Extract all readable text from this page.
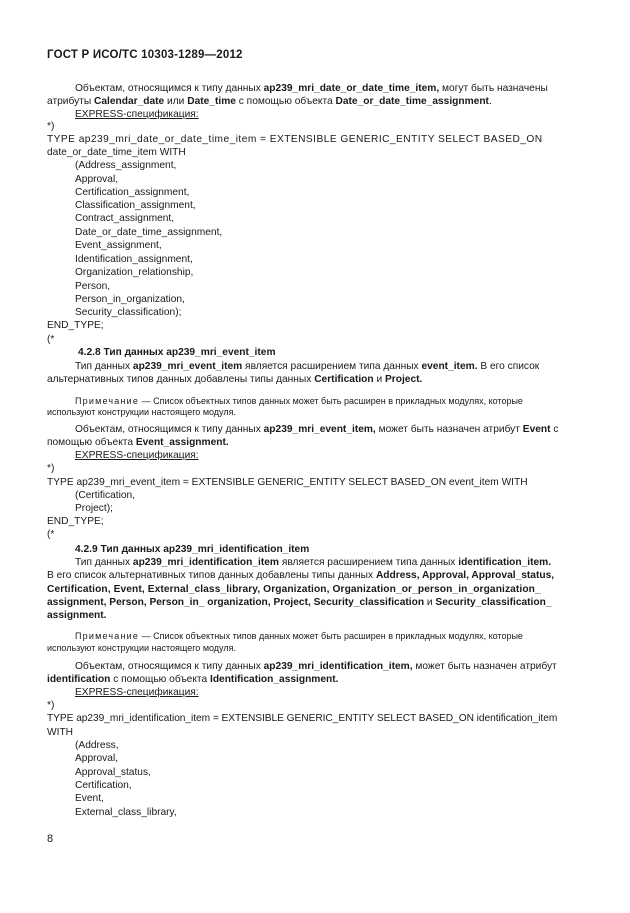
ГОСТ Р ИСО/ТС 10303-1289—2012
Объектам, относящимся к типу данных ap239_mri_date_or_date_time_item, могут быть назначены
атрибуты Calendar_date или Date_time с помощью объекта Date_or_date_time_assignment.
EXPRESS-спецификация:
*)
TYPE ap239_mri_date_or_date_time_item = EXTENSIBLE GENERIC_ENTITY SELECT BASED_ON
date_or_date_time_item WITH
(Address_assignment,
Approval,
Certification_assignment,
Classification_assignment,
Contract_assignment,
Date_or_date_time_assignment,
Event_assignment,
Identification_assignment,
Organization_relationship,
Person,
Person_in_organization,
Security_classification);
END_TYPE;
(*
4.2.8 Тип данных ap239_mri_event_item
Тип данных ap239_mri_event_item является расширением типа данных event_item. В его список
альтернативных типов данных добавлены типы данных Certification и Project.
Примечание — Список объектных типов данных может быть расширен в прикладных модулях, которые
используют конструкции настоящего модуля.
Объектам, относящимся к типу данных ap239_mri_event_item, может быть назначен атрибут Event с
помощью объекта Event_assignment.
EXPRESS-спецификация:
*)
TYPE ap239_mri_event_item = EXTENSIBLE GENERIC_ENTITY SELECT BASED_ON event_item WITH
(Certification,
Project);
END_TYPE;
(*
4.2.9 Тип данных ap239_mri_identification_item
Тип данных ap239_mri_identification_item является расширением типа данных identification_item.
В его список альтернативных типов данных добавлены типы данных Address, Approval, Approval_status,
Certification, Event, External_class_library, Organization, Organization_or_person_in_organization_
assignment, Person, Person_in_ organization, Project, Security_classification и Security_classification_
assignment.
Примечание — Список объектных типов данных может быть расширен в прикладных модулях, которые
используют конструкции настоящего модуля.
Объектам, относящимся к типу данных ap239_mri_identification_item, может быть назначен атрибут
identification с помощью объекта Identification_assignment.
EXPRESS-спецификация:
*)
TYPE ap239_mri_identification_item = EXTENSIBLE GENERIC_ENTITY SELECT BASED_ON identification_item
WITH
(Address,
Approval,
Approval_status,
Certification,
Event,
External_class_library,
8
